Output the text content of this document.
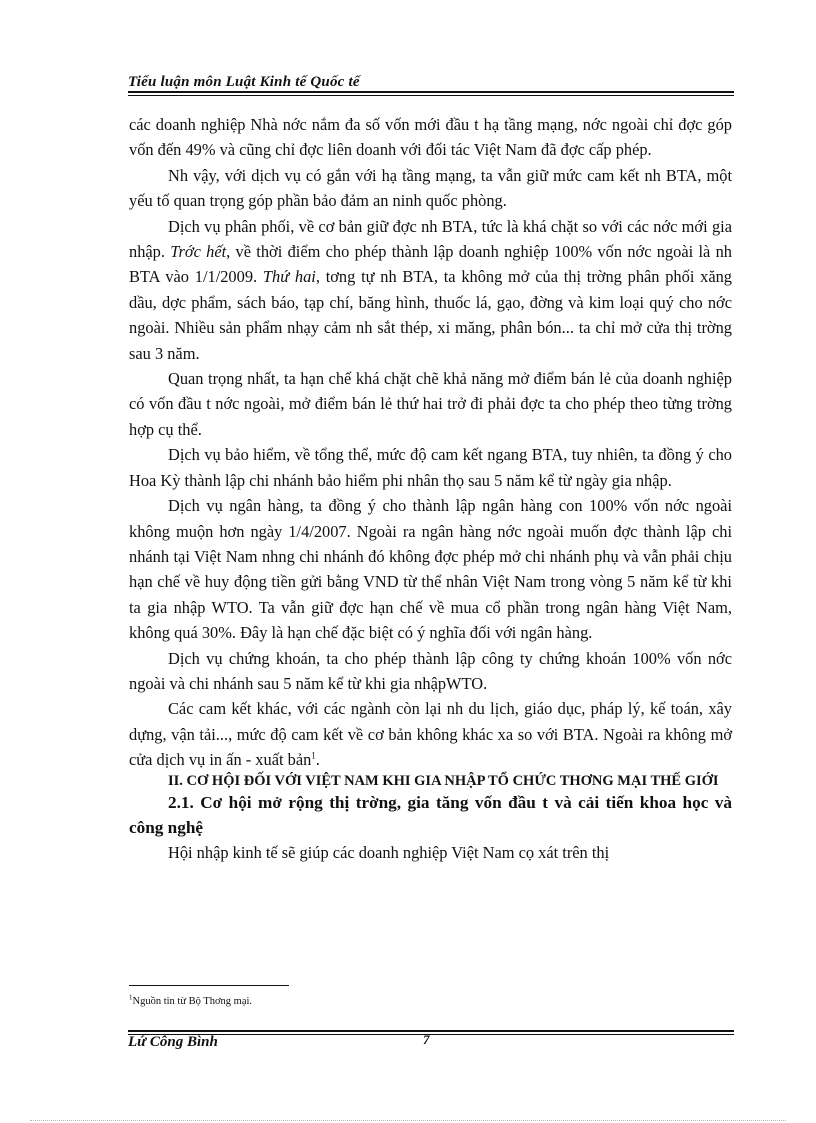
Tiểu luận môn Luật Kinh tế Quốc tế

các doanh nghiệp Nhà nớc nắm đa số vốn mới đầu t hạ tầng mạng, nớc ngoài chỉ đợc góp vốn đến 49% và cũng chỉ đợc liên doanh với đối tác Việt Nam đã đợc cấp phép.

Nh vậy, với dịch vụ có gắn với hạ tầng mạng, ta vẫn giữ mức cam kết nh BTA, một yếu tố quan trọng góp phần bảo đảm an ninh quốc phòng.

Dịch vụ phân phối, về cơ bản giữ đợc nh BTA, tức là khá chặt so với các nớc mới gia nhập. Trớc hết, về thời điểm cho phép thành lập doanh nghiệp 100% vốn nớc ngoài là nh BTA vào 1/1/2009. Thứ hai, tơng tự nh BTA, ta không mở của thị trờng phân phối xăng dầu, dợc phẩm, sách báo, tạp chí, băng hình, thuốc lá, gạo, đờng và kim loại quý cho nớc ngoài. Nhiều sản phẩm nhạy cảm nh sắt thép, xi măng, phân bón... ta chỉ mở cửa thị trờng sau 3 năm.

Quan trọng nhất, ta hạn chế khá chặt chẽ khả năng mở điểm bán lẻ của doanh nghiệp có vốn đầu t nớc ngoài, mở điểm bán lẻ thứ hai trở đi phải đợc ta cho phép theo từng trờng hợp cụ thể.

Dịch vụ bảo hiểm, về tổng thể, mức độ cam kết ngang BTA, tuy nhiên, ta đồng ý cho Hoa Kỳ thành lập chi nhánh bảo hiểm phi nhân thọ sau 5 năm kể từ ngày gia nhập.

Dịch vụ ngân hàng, ta đồng ý cho thành lập ngân hàng con 100% vốn nớc ngoài không muộn hơn ngày 1/4/2007. Ngoài ra ngân hàng nớc ngoài muốn đợc thành lập chi nhánh tại Việt Nam nhng chi nhánh đó không đợc phép mở chi nhánh phụ và vẫn phải chịu hạn chế về huy động tiền gửi bằng VND từ thể nhân Việt Nam trong vòng 5 năm kể từ khi ta gia nhập WTO. Ta vẫn giữ đợc hạn chế về mua cổ phần trong ngân hàng Việt Nam, không quá 30%. Đây là hạn chế đặc biệt có ý nghĩa đối với ngân hàng.

Dịch vụ chứng khoán, ta cho phép thành lập công ty chứng khoán 100% vốn nớc ngoài và chi nhánh sau 5 năm kể từ khi gia nhậpWTO.

Các cam kết khác, với các ngành còn lại nh du lịch, giáo dục, pháp lý, kế toán, xây dựng, vận tải..., mức độ cam kết về cơ bản không khác xa so với BTA. Ngoài ra không mở cửa dịch vụ in ấn - xuất bản$^1$.

II. CƠ HỘI ĐỐI VỚI VIỆT NAM KHI GIA NHẬP TỔ CHỨC THƠNG MẠI THẾ GIỚI

2.1. Cơ hội mở rộng thị trờng, gia tăng vốn đầu t và cải tiến khoa học và công nghệ

Hội nhập kinh tế sẽ giúp các doanh nghiệp Việt Nam cọ xát trên thị

$^1$Nguồn tin từ Bộ Thơng mại.
Lứ Công Bình	7
